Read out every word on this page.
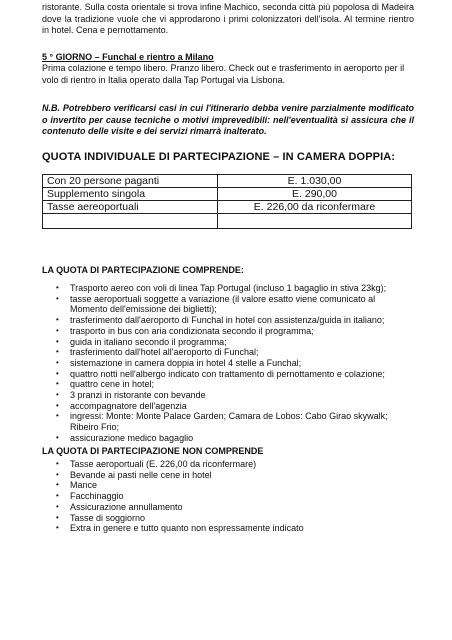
ristorante. Sulla costa orientale si trova infine Machico, seconda città più popolosa di Madeira dove la tradizione vuole che vi approdarono i primi colonizzatori dell'isola. Al termine rientro in hotel. Cena e pernottamento.

5 ° GIORNO – Funchal e rientro a Milano

Prima colazione e tempo libero. Pranzo libero. Check out e trasferimento in aeroporto per il volo di rientro in Italia operato dalla Tap Portugal via Lisbona.

N.B. Potrebbero verificarsi casi in cui l'itinerario debba venire parzialmente modificato o invertito per cause tecniche o motivi imprevedibili: nell'eventualità si assicura che il contenuto delle visite e dei servizi rimarrà inalterato.

QUOTA INDIVIDUALE DI PARTECIPAZIONE – IN CAMERA DOPPIA:

Con 20 persone paganti	E. 1.030,00
Supplemento singola	E. 290,00
Tasse aereoportuali	E. 226,00 da riconfermare

LA QUOTA DI PARTECIPAZIONE COMPRENDE:

• Trasporto aereo con voli di linea Tap Portugal (incluso 1 bagaglio in stiva 23kg);
• tasse aeroportuali soggette a variazione (il valore esatto viene comunicato al Momento dell'emissione dei biglietti);
• trasferimento dall'aeroporto di Funchal in hotel con assistenza/guida in italiano;
• trasporto in bus con aria condizionata secondo il programma;
• guida in italiano secondo il programma;
• trasferimento dall'hotel all'aeroporto di Funchal;
• sistemazione in camera doppia in hotel 4 stelle a Funchal;
• quattro notti nell'albergo indicato con trattamento di pernottamento e colazione;
• quattro cene in hotel;
• 3 pranzi in ristorante con bevande
• accompagnatore dell'agenzia
• ingressi: Monte: Monte Palace Garden; Camara de Lobos: Cabo Girao skywalk; Ribeiro Frio;
• assicurazione medico bagaglio

LA QUOTA DI PARTECIPAZIONE NON COMPRENDE

• Tasse aeroportuali (E. 226,00 da riconfermare)
• Bevande ai pasti nelle cene in hotel
• Mance
• Facchinaggio
• Assicurazione annullamento
• Tasse di soggiorno
• Extra in genere e tutto quanto non espressamente indicato
